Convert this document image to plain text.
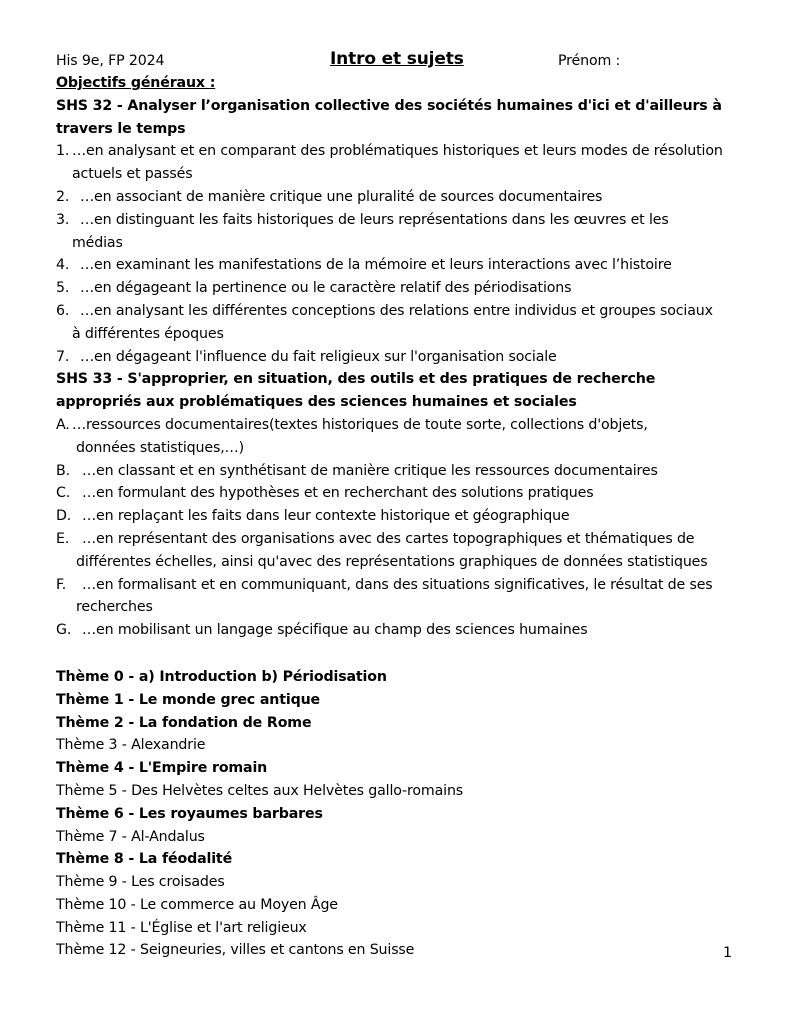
His 9e, FP 2024	Intro et sujets	Prénom :
Objectifs généraux :
SHS 32 - Analyser l’organisation collective des sociétés humaines d'ici et d'ailleurs à
travers le temps
1. …en analysant et en comparant des problématiques historiques et leurs modes de résolution
actuels et passés
2. …en associant de manière critique une pluralité de sources documentaires
3. …en distinguant les faits historiques de leurs représentations dans les œuvres et les
médias
4. …en examinant les manifestations de la mémoire et leurs interactions avec l’histoire
5. …en dégageant la pertinence ou le caractère relatif des périodisations
6. …en analysant les différentes conceptions des relations entre individus et groupes sociaux
à différentes époques
7. …en dégageant l'influence du fait religieux sur l'organisation sociale
SHS 33 - S'approprier, en situation, des outils et des pratiques de recherche
appropriés aux problématiques des sciences humaines et sociales
A. …ressources documentaires(textes historiques de toute sorte, collections d'objets,
données statistiques,…)
B. …en classant et en synthétisant de manière critique les ressources documentaires
C. …en formulant des hypothèses et en recherchant des solutions pratiques
D. …en replaçant les faits dans leur contexte historique et géographique
E. …en représentant des organisations avec des cartes topographiques et thématiques de
différentes échelles, ainsi qu'avec des représentations graphiques de données statistiques
F.	…en formalisant et en communiquant, dans des situations significatives, le résultat de ses
recherches
G. …en mobilisant un langage spécifique au champ des sciences humaines
Thème 0 - a) Introduction b) Périodisation
Thème 1 - Le monde grec antique
Thème 2 - La fondation de Rome
Thème 3 - Alexandrie
Thème 4 - L'Empire romain
Thème 5 - Des Helvètes celtes aux Helvètes gallo-romains
Thème 6 - Les royaumes barbares
Thème 7 - Al-Andalus
Thème 8 - La féodalité
Thème 9 - Les croisades
Thème 10 - Le commerce au Moyen Âge
Thème 11 - L'Église et l'art religieux
Thème 12 - Seigneuries, villes et cantons en Suisse	1
